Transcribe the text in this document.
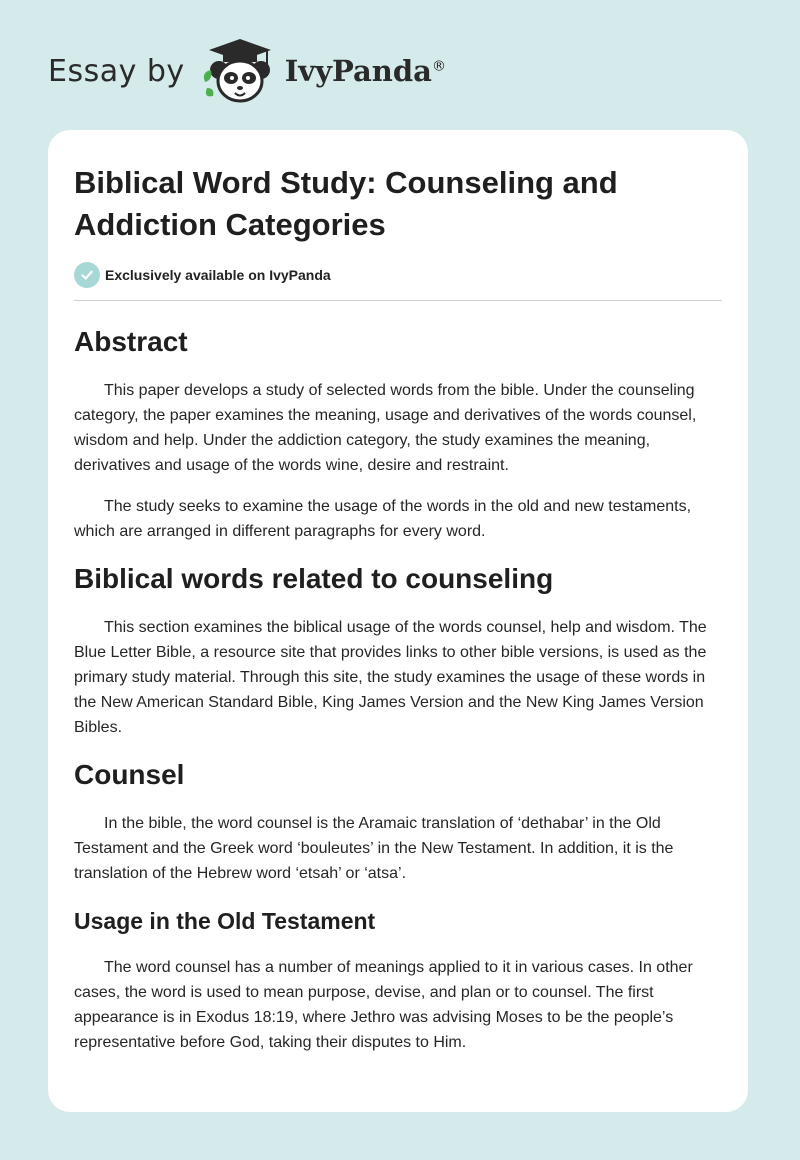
Essay by	IvyPanda®
Biblical Word Study: Counseling and
Addiction Categories
Exclusively available on IvyPanda
Abstract

This paper develops a study of selected words from the bible. Under the counseling category, the paper examines the meaning, usage and derivatives of the words counsel, wisdom and help. Under the addiction category, the study examines the meaning, derivatives and usage of the words wine, desire and restraint.

The study seeks to examine the usage of the words in the old and new testaments, which are arranged in different paragraphs for every word.

Biblical words related to counseling

This section examines the biblical usage of the words counsel, help and wisdom. The Blue Letter Bible, a resource site that provides links to other bible versions, is used as the primary study material. Through this site, the study examines the usage of these words in the New American Standard Bible, King James Version and the New King James Version Bibles.

Counsel

In the bible, the word counsel is the Aramaic translation of ‘dethabar’ in the Old Testament and the Greek word ‘bouleutes’ in the New Testament. In addition, it is the translation of the Hebrew word ‘etsah’ or ‘atsa’.

Usage in the Old Testament

The word counsel has a number of meanings applied to it in various cases. In other cases, the word is used to mean purpose, devise, and plan or to counsel. The first appearance is in Exodus 18:19, where Jethro was advising Moses to be the people’s representative before God, taking their disputes to Him.
